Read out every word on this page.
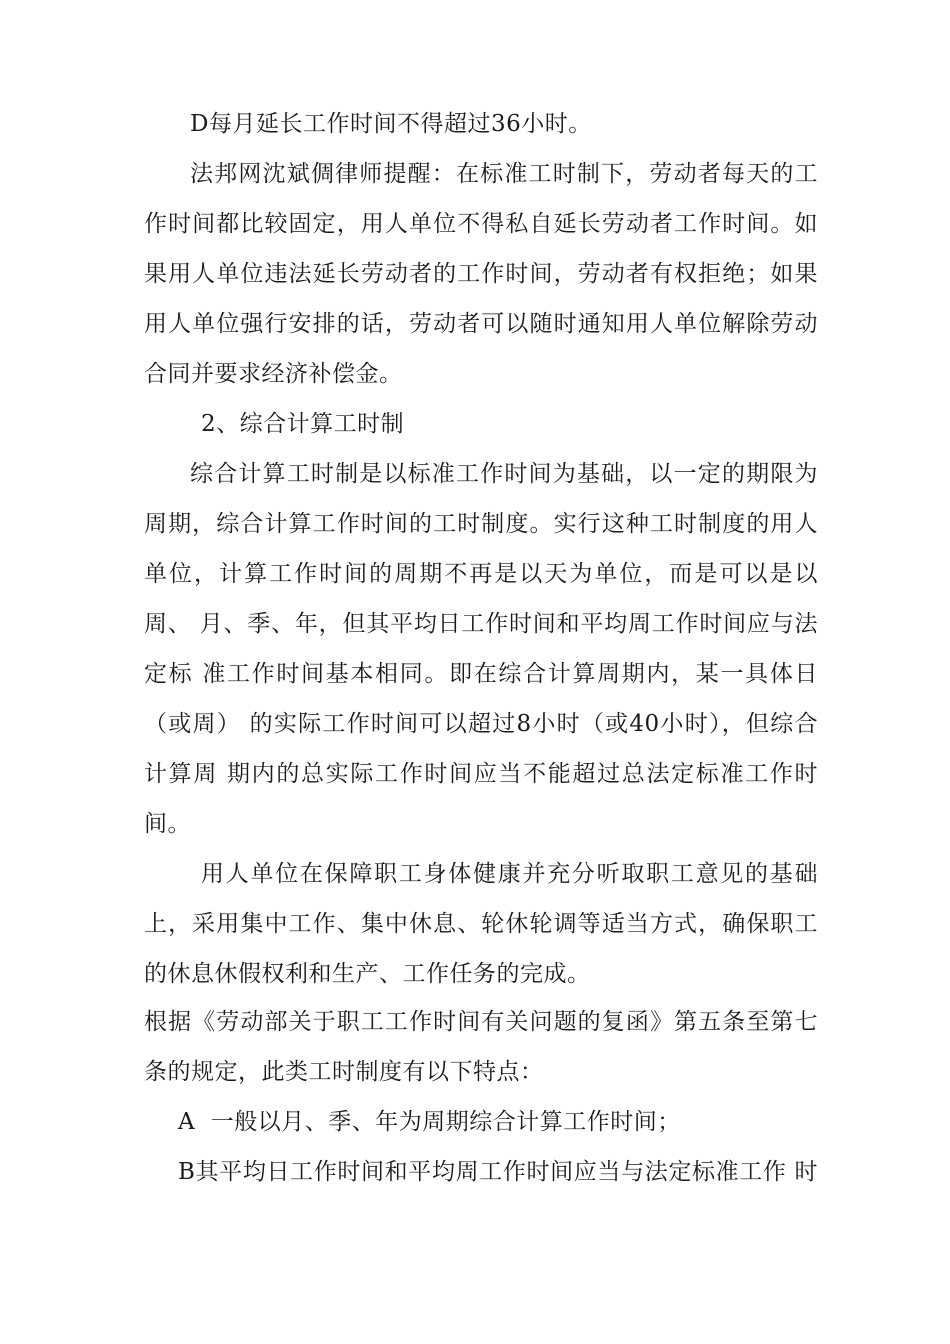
D每月延长工作时间不得超过36小时。
法邦网沈斌倜律师提醒：在标准工时制下，劳动者每天的工
作时间都比较固定，用人单位不得私自延长劳动者工作时间。如
果用人单位违法延长劳动者的工作时间，劳动者有权拒绝；如果
用人单位强行安排的话，劳动者可以随时通知用人单位解除劳动
合同并要求经济补偿金。
2、综合计算工时制
综合计算工时制是以标准工作时间为基础，以一定的期限为
周期，综合计算工作时间的工时制度。实行这种工时制度的用人
单位，计算工作时间的周期不再是以天为单位，而是可以是以
周、 月、季、年，但其平均日工作时间和平均周工作时间应与法
定标 准工作时间基本相同。即在综合计算周期内，某一具体日
（或周） 的实际工作时间可以超过8小时（或40小时），但综合
计算周 期内的总实际工作时间应当不能超过总法定标准工作时
间。
用人单位在保障职工身体健康并充分听取职工意见的基础
上，采用集中工作、集中休息、轮休轮调等适当方式，确保职工
的休息休假权利和生产、工作任务的完成。
根据《劳动部关于职工工作时间有关问题的复函》第五条至第七
条的规定，此类工时制度有以下特点：
A  一般以月、季、年为周期综合计算工作时间；
B其平均日工作时间和平均周工作时间应当与法定标准工作 时
